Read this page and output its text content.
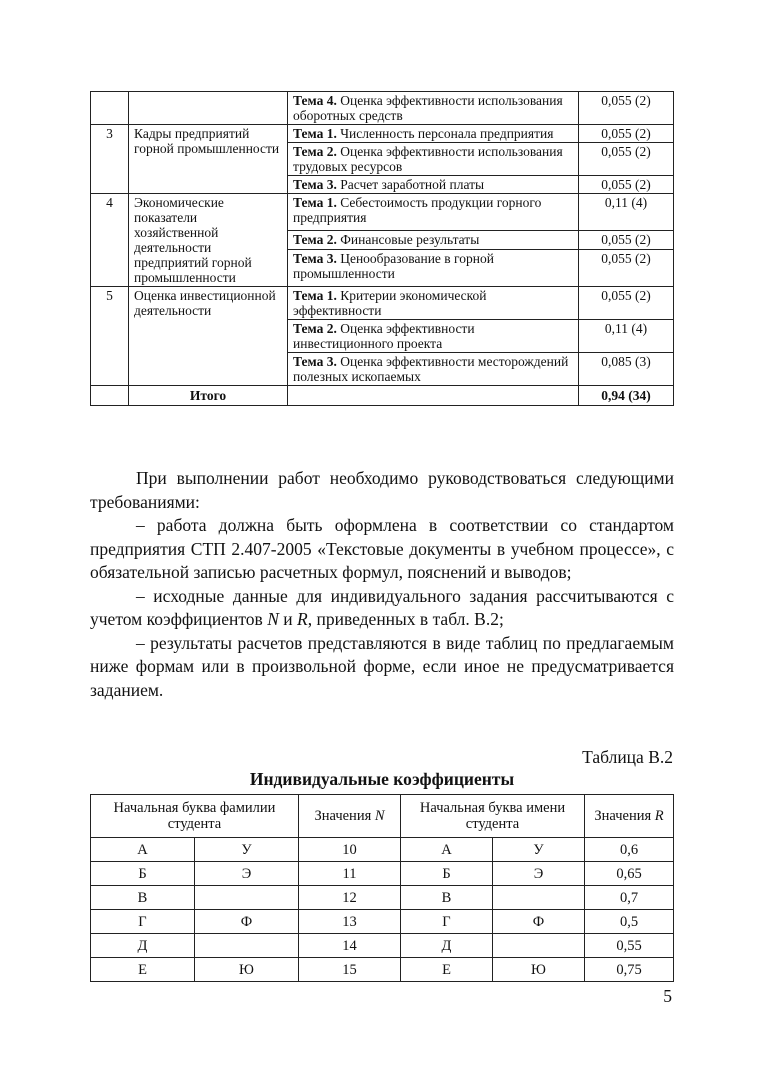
		Тема 4. Оценка эффективности использования оборотных средств	0,055 (2)
3	Кадры предприятий горной промышленности	Тема 1. Численность персонала предприятия	0,055 (2)
		Тема 2. Оценка эффективности использования трудовых ресурсов	0,055 (2)
		Тема 3. Расчет заработной платы	0,055 (2)
4	Экономические показатели хозяйственной деятельности предприятий горной промышленности	Тема 1. Себестоимость продукции горного предприятия	0,11 (4)
		Тема 2. Финансовые результаты	0,055 (2)
		Тема 3. Ценообразование в горной промышленности	0,055 (2)
5	Оценка инвестиционной деятельности	Тема 1. Критерии экономической эффективности	0,055 (2)
		Тема 2. Оценка эффективности инвестиционного проекта	0,11 (4)
		Тема 3. Оценка эффективности месторождений полезных ископаемых	0,085 (3)
	Итого		0,94 (34)

При выполнении работ необходимо руководствоваться следующими требованиями:

– работа должна быть оформлена в соответствии со стандартом предприятия СТП 2.407-2005 «Текстовые документы в учебном процессе», с обязательной записью расчетных формул, пояснений и выводов;

– исходные данные для индивидуального задания рассчитываются с учетом коэффициентов N и R, приведенных в табл. В.2;

– результаты расчетов представляются в виде таблиц по предлагаемым ниже формам или в произвольной форме, если иное не предусматривается заданием.

Таблица В.2
Индивидуальные коэффициенты
Начальная буква фамилии студента		Значения N	Начальная буква имени студента		Значения R
А	У	10	А	У	0,6
Б	Э	11	Б	Э	0,65
В		12	В		0,7
Г	Ф	13	Г	Ф	0,5
Д		14	Д		0,55
Е	Ю	15	Е	Ю	0,75
5
